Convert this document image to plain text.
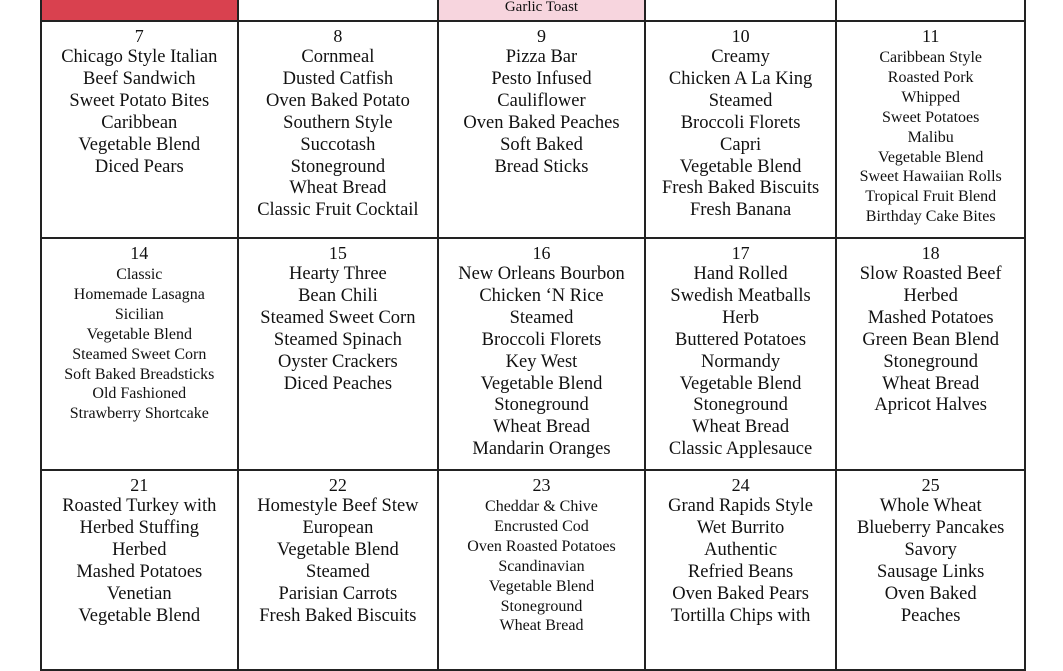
Garlic Toast
7
Chicago Style Italian
Beef Sandwich
Sweet Potato Bites
Caribbean
Vegetable Blend
Diced Pears
8
Cornmeal
Dusted Catfish
Oven Baked Potato
Southern Style
Succotash
Stoneground
Wheat Bread
Classic Fruit Cocktail
9
Pizza Bar
Pesto Infused
Cauliflower
Oven Baked Peaches
Soft Baked
Bread Sticks
10
Creamy
Chicken A La King
Steamed
Broccoli Florets
Capri
Vegetable Blend
Fresh Baked Biscuits
Fresh Banana
11
Caribbean Style
Roasted Pork
Whipped
Sweet Potatoes
Malibu
Vegetable Blend
Sweet Hawaiian Rolls
Tropical Fruit Blend
Birthday Cake Bites
14
Classic
Homemade Lasagna
Sicilian
Vegetable Blend
Steamed Sweet Corn
Soft Baked Breadsticks
Old Fashioned
Strawberry Shortcake
15
Hearty Three
Bean Chili
Steamed Sweet Corn
Steamed Spinach
Oyster Crackers
Diced Peaches
16
New Orleans Bourbon
Chicken ‘N Rice
Steamed
Broccoli Florets
Key West
Vegetable Blend
Stoneground
Wheat Bread
Mandarin Oranges
17
Hand Rolled
Swedish Meatballs
Herb
Buttered Potatoes
Normandy
Vegetable Blend
Stoneground
Wheat Bread
Classic Applesauce
18
Slow Roasted Beef
Herbed
Mashed Potatoes
Green Bean Blend
Stoneground
Wheat Bread
Apricot Halves
21
Roasted Turkey with
Herbed Stuffing
Herbed
Mashed Potatoes
Venetian
Vegetable Blend
22
Homestyle Beef Stew
European
Vegetable Blend
Steamed
Parisian Carrots
Fresh Baked Biscuits
23
Cheddar & Chive
Encrusted Cod
Oven Roasted Potatoes
Scandinavian
Vegetable Blend
Stoneground
Wheat Bread
24
Grand Rapids Style
Wet Burrito
Authentic
Refried Beans
Oven Baked Pears
Tortilla Chips with
25
Whole Wheat
Blueberry Pancakes
Savory
Sausage Links
Oven Baked
Peaches
